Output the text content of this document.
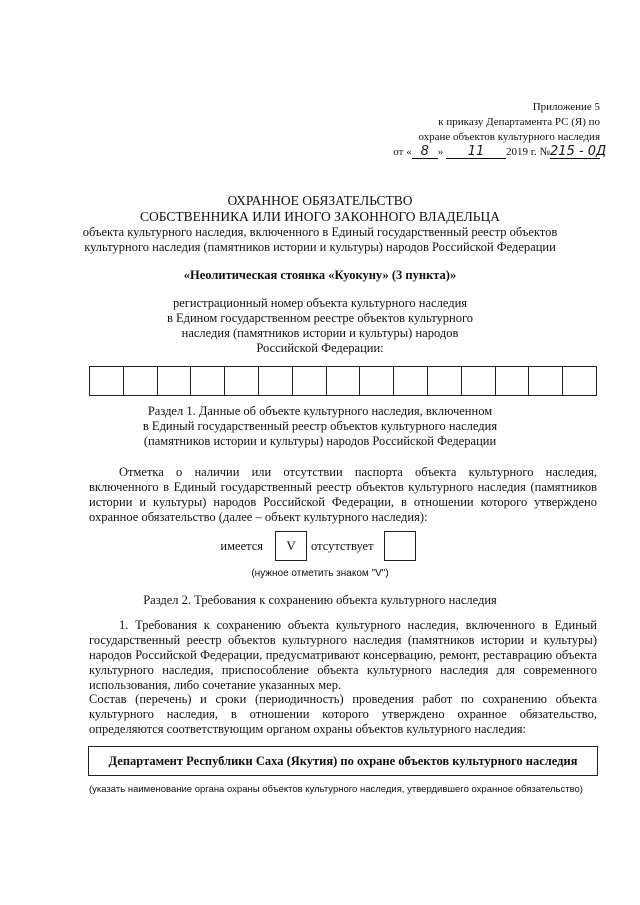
Приложение 5
к приказу Департамента РС (Я) по
охране объектов культурного наследия
от « 8 » 11 2019 г. №215 - 0Д
ОХРАННОЕ ОБЯЗАТЕЛЬСТВО
СОБСТВЕННИКА ИЛИ ИНОГО ЗАКОННОГО ВЛАДЕЛЬЦА
объекта культурного наследия, включенного в Единый государственный реестр объектов
культурного наследия (памятников истории и культуры) народов Российской Федерации
«Неолитическая стоянка «Куокуну» (3 пункта)»
регистрационный номер объекта культурного наследия
в Едином государственном реестре объектов культурного
наследия (памятников истории и культуры) народов
Российской Федерации:
Раздел 1. Данные об объекте культурного наследия, включенном
в Единый государственный реестр объектов культурного наследия
(памятников истории и культуры) народов Российской Федерации
Отметка о наличии или отсутствии паспорта объекта культурного наследия, включенного в Единый государственный реестр объектов культурного наследия (памятников истории и культуры) народов Российской Федерации, в отношении которого утверждено охранное обязательство (далее – объект культурного наследия):
имеется	V	отсутствует
(нужное отметить знаком "V")
Раздел 2. Требования к сохранению объекта культурного наследия
1. Требования к сохранению объекта культурного наследия, включенного в Единый государственный реестр объектов культурного наследия (памятников истории и культуры) народов Российской Федерации, предусматривают консервацию, ремонт, реставрацию объекта культурного наследия, приспособление объекта культурного наследия для современного использования, либо сочетание указанных мер.
Состав (перечень) и сроки (периодичность) проведения работ по сохранению объекта культурного наследия, в отношении которого утверждено охранное обязательство, определяются соответствующим органом охраны объектов культурного наследия:
Департамент Республики Саха (Якутия) по охране объектов культурного наследия
(указать наименование органа охраны объектов культурного наследия, утвердившего охранное обязательство)
